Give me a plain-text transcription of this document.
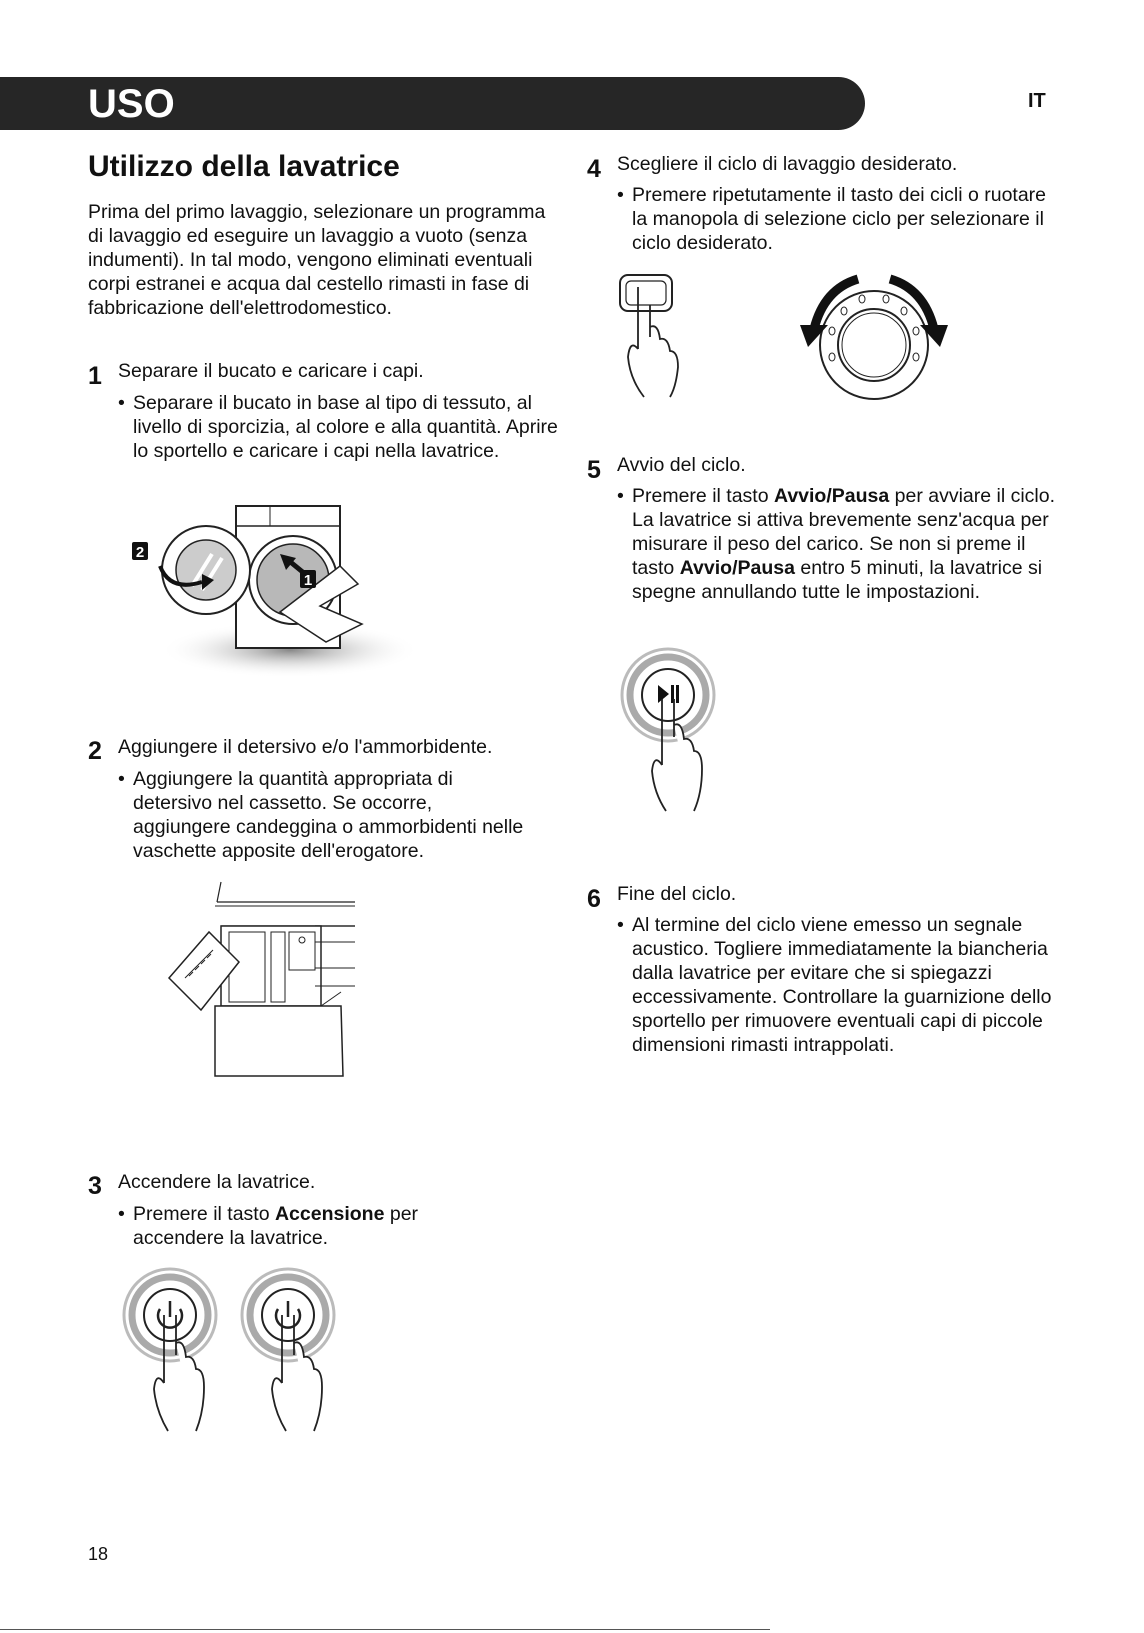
USO	IT
Utilizzo della lavatrice
Prima del primo lavaggio, selezionare un programma di lavaggio ed eseguire un lavaggio a vuoto (senza indumenti). In tal modo, vengono eliminati eventuali corpi estranei e acqua dal cestello rimasti in fase di fabbricazione dell'elettrodomestico.
1 Separare il bucato e caricare i capi.
• Separare il bucato in base al tipo di tessuto, al livello di sporcizia, al colore e alla quantità. Aprire lo sportello e caricare i capi nella lavatrice.
2
1
2 Aggiungere il detersivo e/o l'ammorbidente.
• Aggiungere la quantità appropriata di detersivo nel cassetto. Se occorre, aggiungere candeggina o ammorbidenti nelle vaschette apposite dell'erogatore.
3 Accendere la lavatrice.
• Premere il tasto Accensione per accendere la lavatrice.
4 Scegliere il ciclo di lavaggio desiderato.
• Premere ripetutamente il tasto dei cicli o ruotare la manopola di selezione ciclo per selezionare il ciclo desiderato.
5 Avvio del ciclo.
• Premere il tasto Avvio/Pausa per avviare il ciclo. La lavatrice si attiva brevemente senz'acqua per misurare il peso del carico. Se non si preme il tasto Avvio/Pausa entro 5 minuti, la lavatrice si spegne annullando tutte le impostazioni.
6 Fine del ciclo.
• Al termine del ciclo viene emesso un segnale acustico. Togliere immediatamente la biancheria dalla lavatrice per evitare che si spiegazzi eccessivamente. Controllare la guarnizione dello sportello per rimuovere eventuali capi di piccole dimensioni rimasti intrappolati.
18
